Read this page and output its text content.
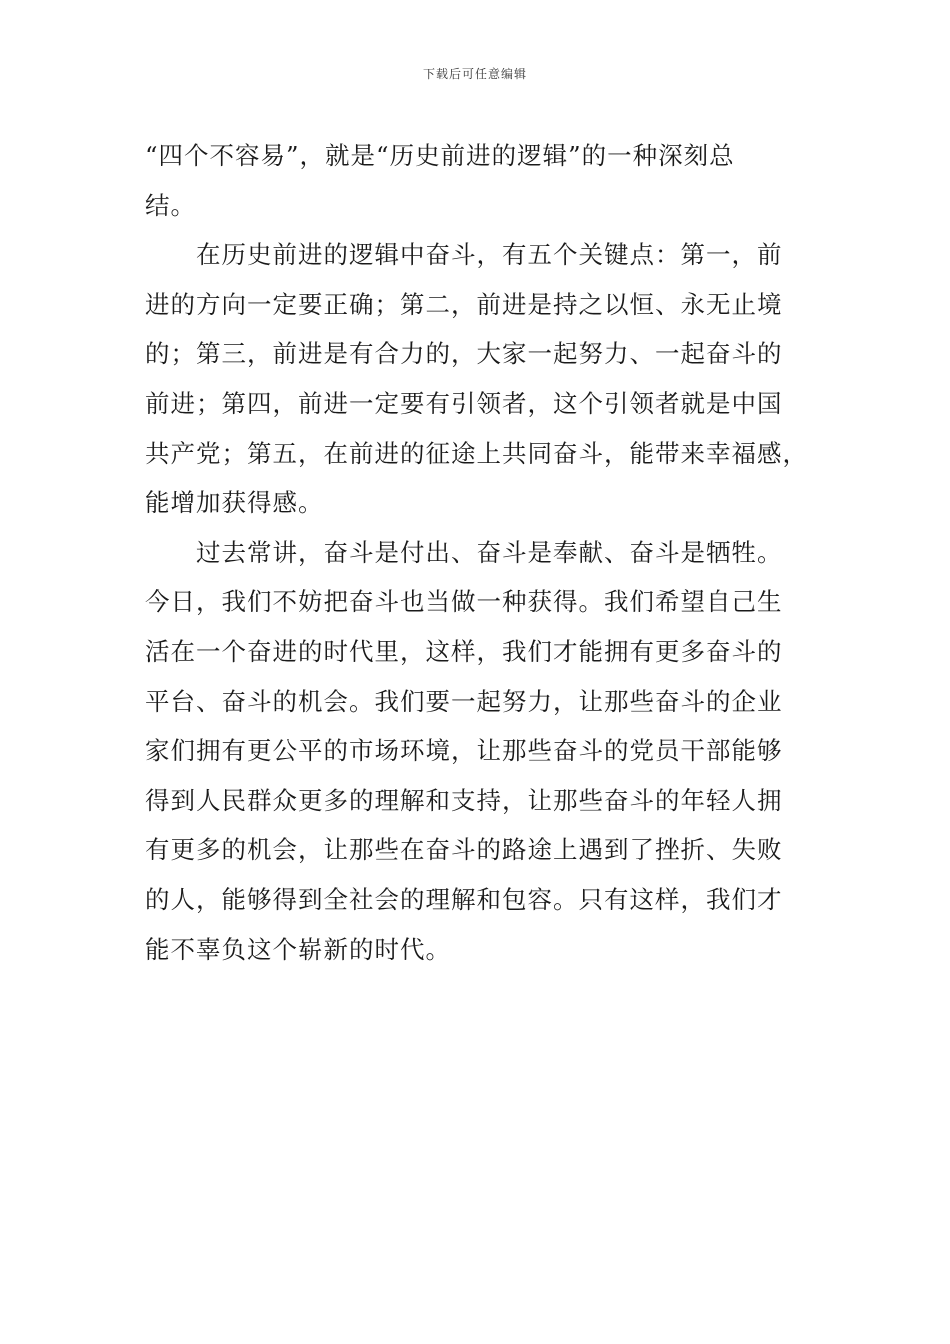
下载后可任意编辑
“四个不容易”，就是“历史前进的逻辑”的一种深刻总
结。
　　在历史前进的逻辑中奋斗，有五个关键点：第一，前
进的方向一定要正确；第二，前进是持之以恒、永无止境
的；第三，前进是有合力的，大家一起努力、一起奋斗的
前进；第四，前进一定要有引领者，这个引领者就是中国
共产党；第五，在前进的征途上共同奋斗，能带来幸福感，
能增加获得感。
　　过去常讲，奋斗是付出、奋斗是奉献、奋斗是牺牲。
今日，我们不妨把奋斗也当做一种获得。我们希望自己生
活在一个奋进的时代里，这样，我们才能拥有更多奋斗的
平台、奋斗的机会。我们要一起努力，让那些奋斗的企业
家们拥有更公平的市场环境，让那些奋斗的党员干部能够
得到人民群众更多的理解和支持，让那些奋斗的年轻人拥
有更多的机会，让那些在奋斗的路途上遇到了挫折、失败
的人，能够得到全社会的理解和包容。只有这样，我们才
能不辜负这个崭新的时代。
